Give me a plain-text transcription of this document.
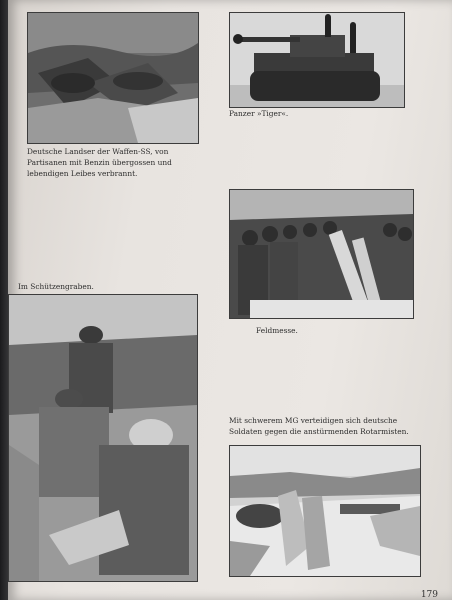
Panzer »Tiger«.
Deutsche Landser der Waffen-SS, von Partisanen mit Benzin übergossen und lebendigen Leibes verbrannt.
Im Schützengraben.
Feldmesse.
Mit schwerem MG verteidigen sich deutsche Soldaten gegen die anstürmenden Rotarmisten.
179
